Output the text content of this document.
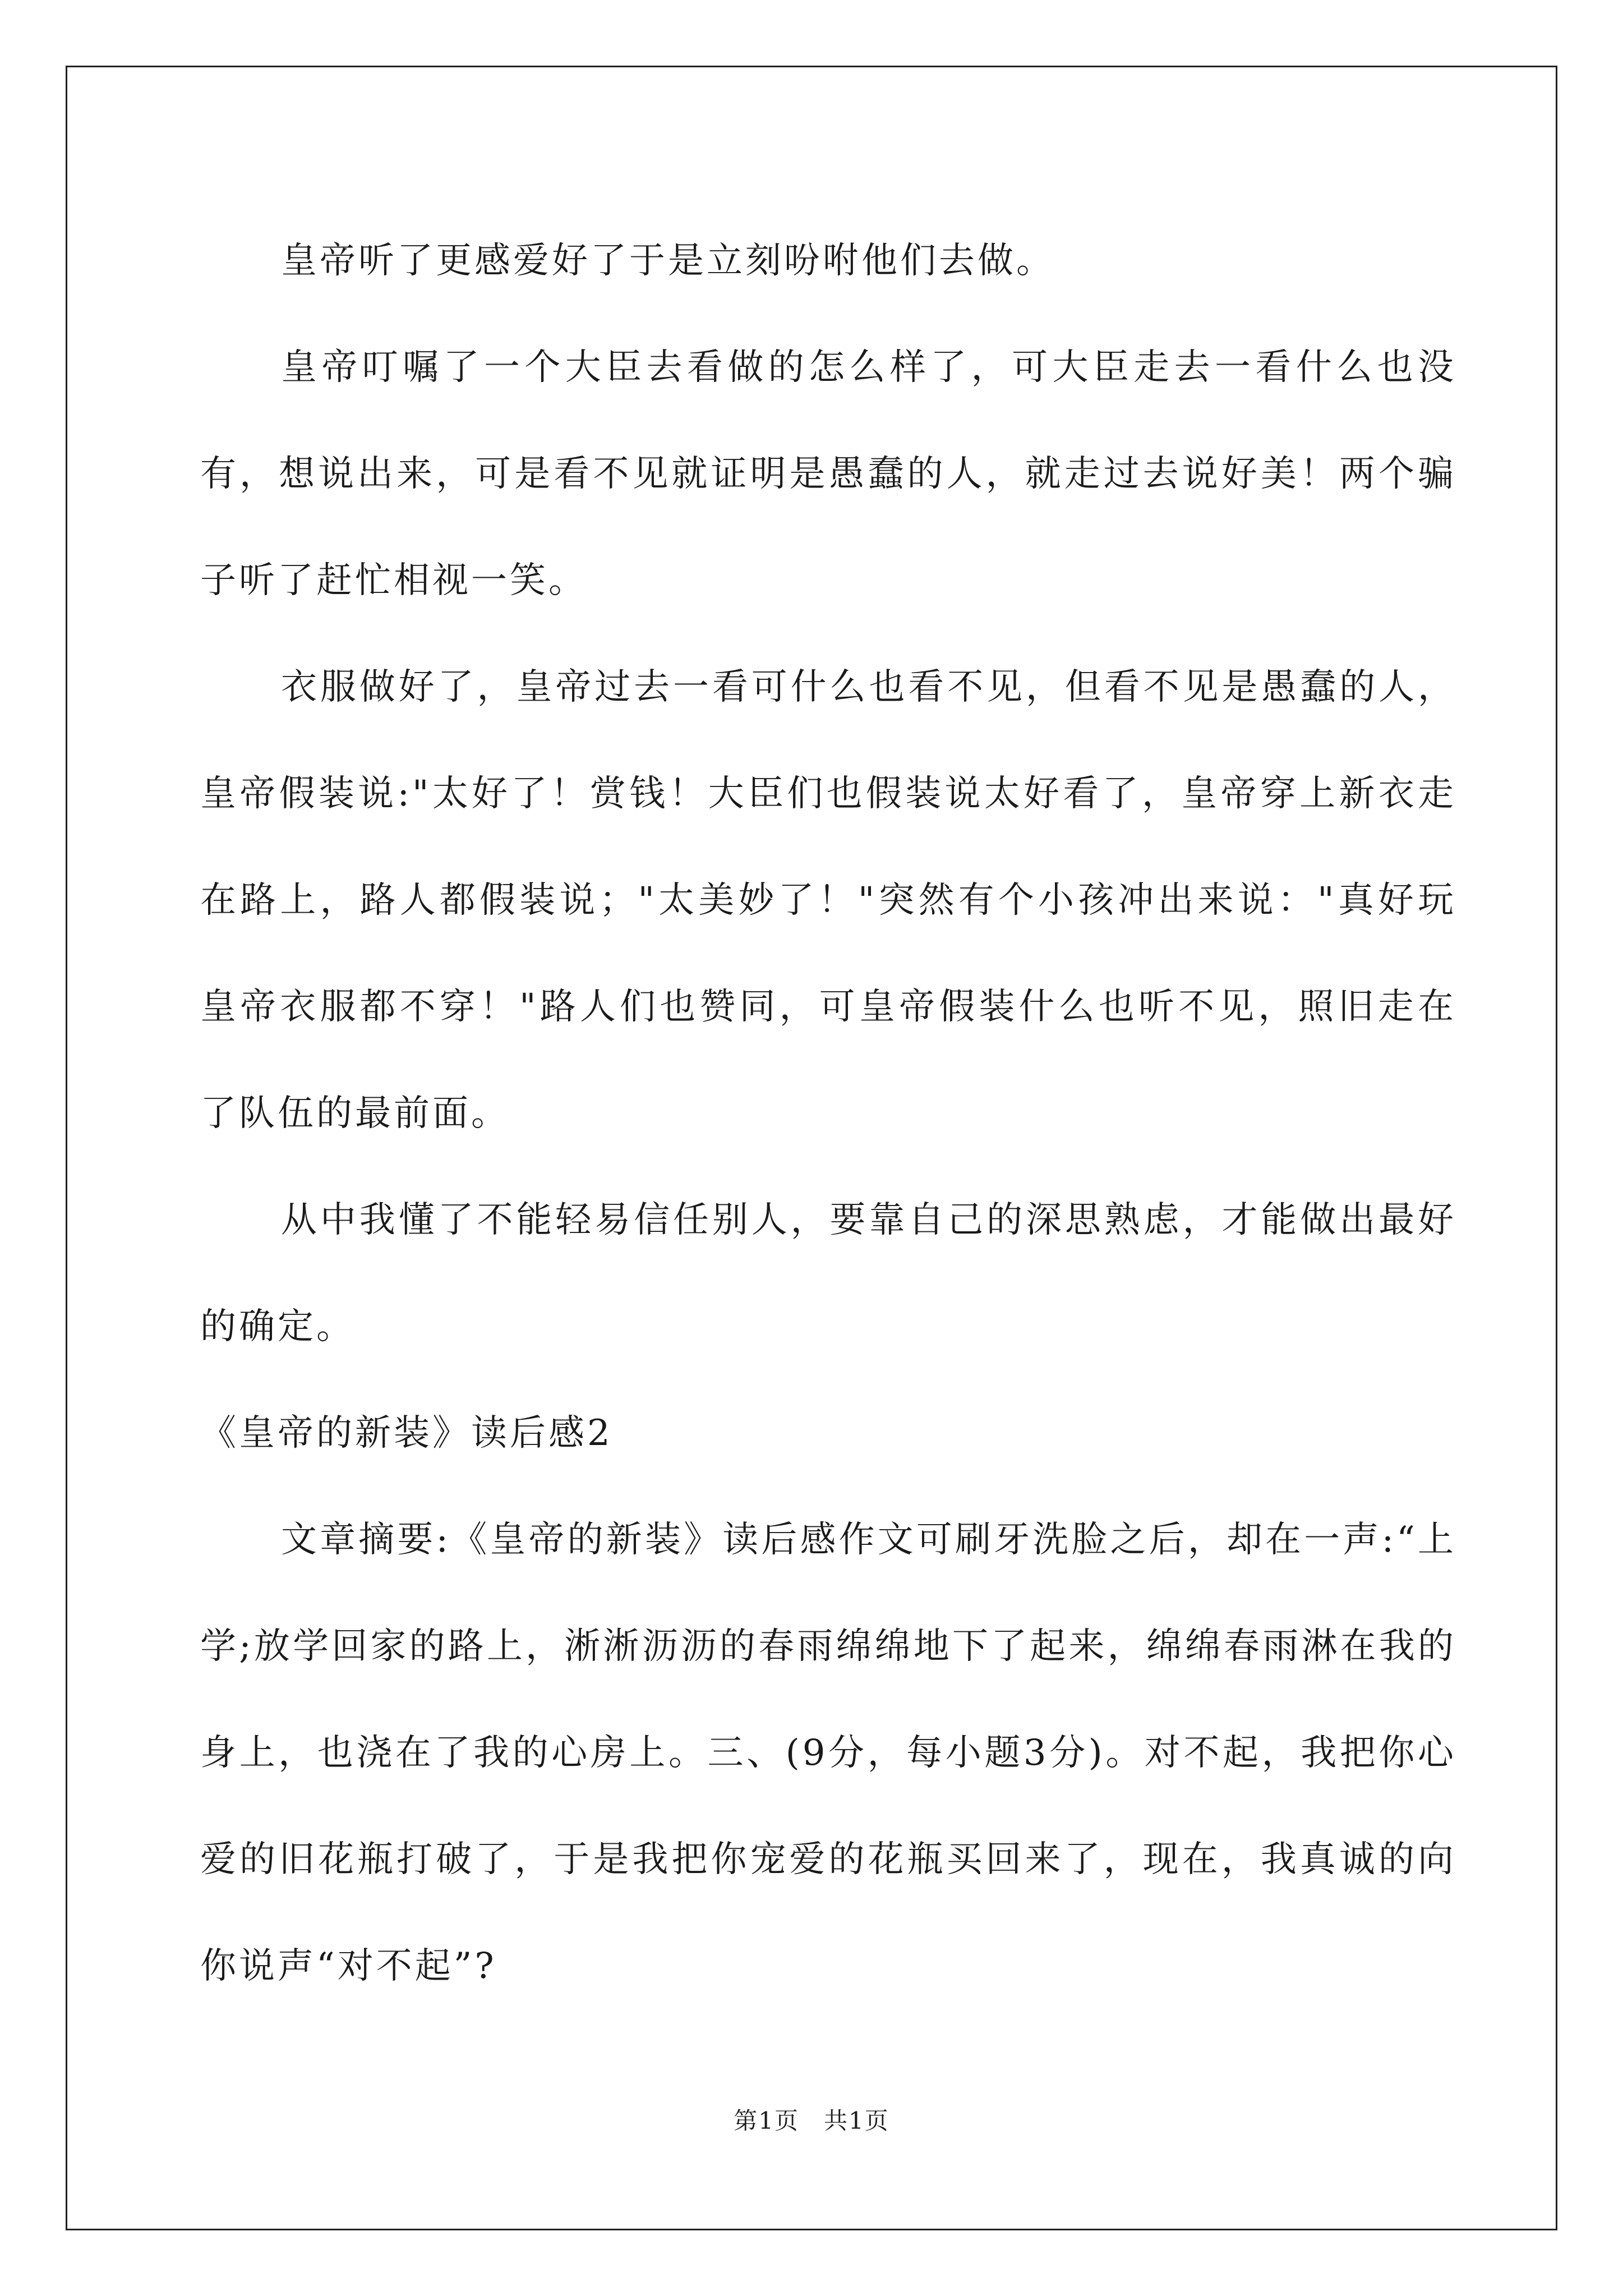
皇帝听了更感爱好了于是立刻吩咐他们去做。

皇帝叮嘱了一个大臣去看做的怎么样了，可大臣走去一看什么也没有，想说出来，可是看不见就证明是愚蠢的人，就走过去说好美！两个骗子听了赶忙相视一笑。

衣服做好了，皇帝过去一看可什么也看不见，但看不见是愚蠢的人，皇帝假装说:"太好了！赏钱！大臣们也假装说太好看了，皇帝穿上新衣走在路上，路人都假装说；"太美妙了！"突然有个小孩冲出来说："真好玩皇帝衣服都不穿！"路人们也赞同，可皇帝假装什么也听不见，照旧走在了队伍的最前面。

从中我懂了不能轻易信任别人，要靠自己的深思熟虑，才能做出最好的确定。

《皇帝的新装》读后感2

文章摘要:《皇帝的新装》读后感作文可刷牙洗脸之后，却在一声:“上学;放学回家的路上，淅淅沥沥的春雨绵绵地下了起来，绵绵春雨淋在我的身上，也浇在了我的心房上。三、(9分，每小题3分)。对不起，我把你心爱的旧花瓶打破了，于是我把你宠爱的花瓶买回来了，现在，我真诚的向你说声“对不起”?

第1页　共1页
